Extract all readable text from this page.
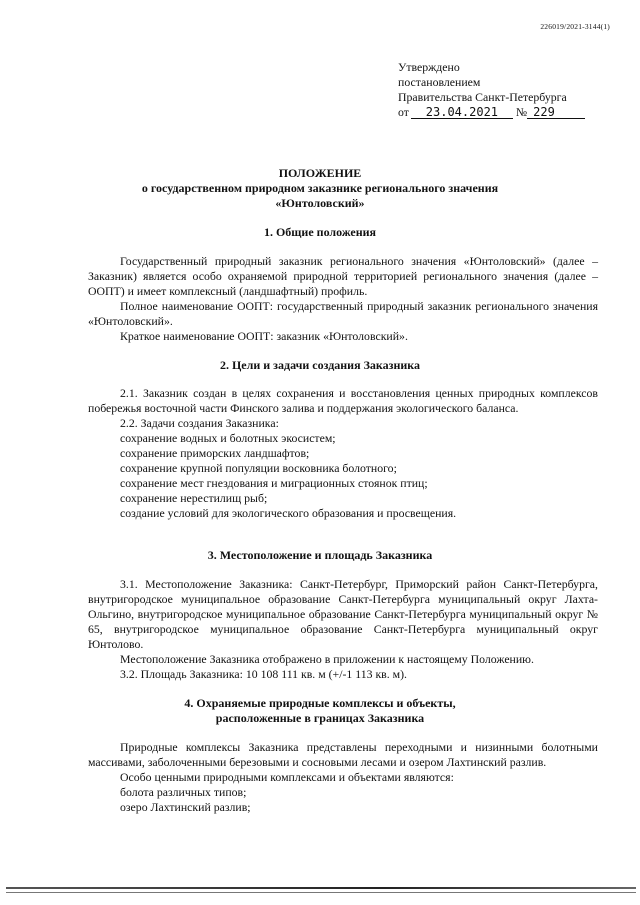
226019/2021-3144(1)
Утверждено
постановлением
Правительства Санкт-Петербурга
от 23.04.2021 № 229
ПОЛОЖЕНИЕ
о государственном природном заказнике регионального значения
«Юнтоловский»
1. Общие положения

Государственный природный заказник регионального значения «Юнтоловский» (далее – Заказник) является особо охраняемой природной территорией регионального значения (далее – ООПТ) и имеет комплексный (ландшафтный) профиль.

Полное наименование ООПТ: государственный природный заказник регионального значения «Юнтоловский».

Краткое наименование ООПТ: заказник «Юнтоловский».

2. Цели и задачи создания Заказника

2.1. Заказник создан в целях сохранения и восстановления ценных природных комплексов побережья восточной части Финского залива и поддержания экологического баланса.

2.2. Задачи создания Заказника:

сохранение водных и болотных экосистем;

сохранение приморских ландшафтов;

сохранение крупной популяции восковника болотного;

сохранение мест гнездования и миграционных стоянок птиц;

сохранение нерестилищ рыб;

создание условий для экологического образования и просвещения.

3. Местоположение и площадь Заказника

3.1. Местоположение Заказника: Санкт-Петербург, Приморский район Санкт-Петербурга, внутригородское муниципальное образование Санкт-Петербурга муниципальный округ Лахта-Ольгино, внутригородское муниципальное образование Санкт-Петербурга муниципальный округ № 65, внутригородское муниципальное образование Санкт-Петербурга муниципальный округ Юнтолово.

Местоположение Заказника отображено в приложении к настоящему Положению.

3.2. Площадь Заказника: 10 108 111 кв. м (+/-1 113 кв. м).

4. Охраняемые природные комплексы и объекты,
расположенные в границах Заказника

Природные комплексы Заказника представлены переходными и низинными болотными массивами, заболоченными березовыми и сосновыми лесами и озером Лахтинский разлив.

Особо ценными природными комплексами и объектами являются:

болота различных типов;

озеро Лахтинский разлив;
